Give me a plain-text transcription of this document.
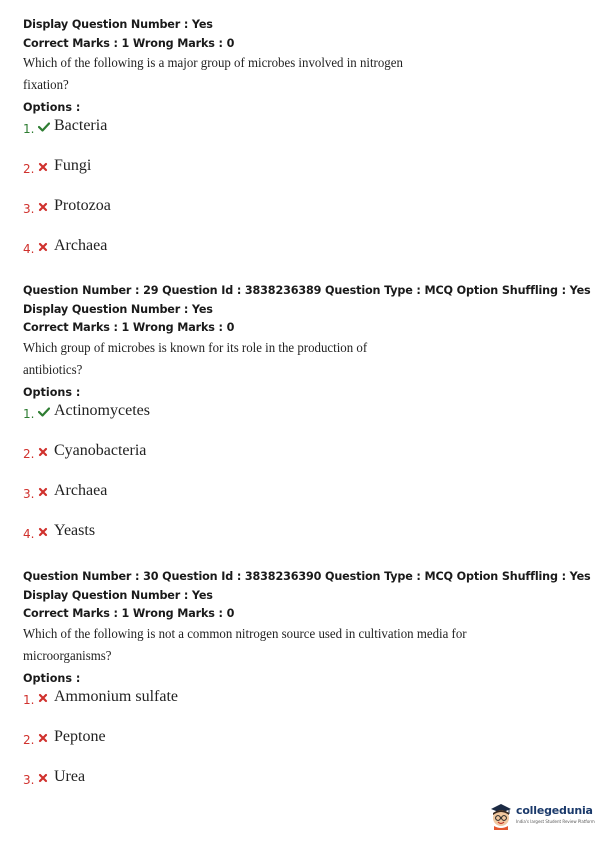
Display Question Number : Yes
Correct Marks : 1 Wrong Marks : 0
Which of the following is a major group of microbes involved in nitrogen fixation?
Options :
1. Bacteria
2. Fungi
3. Protozoa
4. Archaea
Question Number : 29 Question Id : 3838236389 Question Type : MCQ Option Shuffling : Yes
Display Question Number : Yes
Correct Marks : 1 Wrong Marks : 0
Which group of microbes is known for its role in the production of antibiotics?
Options :
1. Actinomycetes
2. Cyanobacteria
3. Archaea
4. Yeasts
Question Number : 30 Question Id : 3838236390 Question Type : MCQ Option Shuffling : Yes
Display Question Number : Yes
Correct Marks : 1 Wrong Marks : 0
Which of the following is not a common nitrogen source used in cultivation media for
microorganisms?
Options :
1. Ammonium sulfate
2. Peptone
3. Urea
collegedunia
India's largest Student Review Platform
